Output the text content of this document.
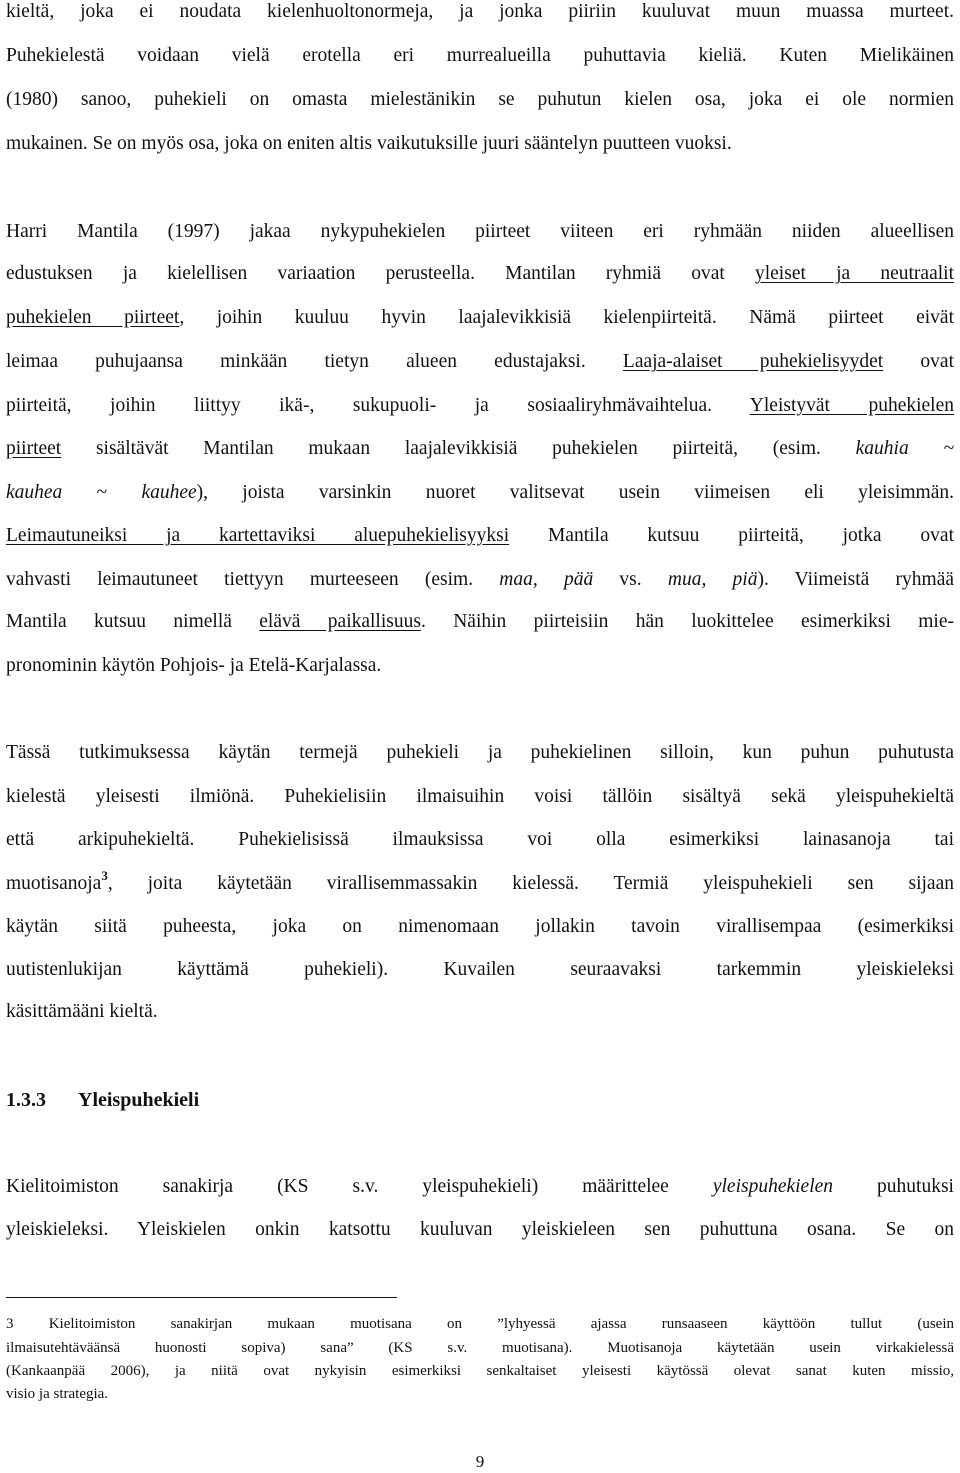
kieltä, joka ei noudata kielenhuoltonormeja, ja jonka piiriin kuuluvat muun muassa murteet.
Puhekielestä voidaan vielä erotella eri murrealueilla puhuttavia kieliä. Kuten Mielikäinen
(1980) sanoo, puhekieli on omasta mielestänikin se puhutun kielen osa, joka ei ole normien
mukainen. Se on myös osa, joka on eniten altis vaikutuksille juuri sääntelyn puutteen vuoksi.
Harri Mantila (1997) jakaa nykypuhekielen piirteet viiteen eri ryhmään niiden alueellisen
edustuksen ja kielellisen variaation perusteella. Mantilan ryhmiä ovat yleiset ja neutraalit
puhekielen piirteet, joihin kuuluu hyvin laajalevikkisiä kielenpiirteitä. Nämä piirteet eivät
leimaa puhujaansa minkään tietyn alueen edustajaksi. Laaja-alaiset puhekielisyydet ovat
piirteitä, joihin liittyy ikä-, sukupuoli- ja sosiaaliryhmävaihtelua. Yleistyvät puhekielen
piirteet sisältävät Mantilan mukaan laajalevikkisiä puhekielen piirteitä, (esim. kauhia ~
kauhea ~ kauhee), joista varsinkin nuoret valitsevat usein viimeisen eli yleisimmän.
Leimautuneiksi ja kartettaviksi aluepuhekielisyyksi Mantila kutsuu piirteitä, jotka ovat
vahvasti leimautuneet tiettyyn murteeseen (esim. maa, pää vs. mua, piä). Viimeistä ryhmää
Mantila kutsuu nimellä elävä paikallisuus. Näihin piirteisiin hän luokittelee esimerkiksi mie-
pronominin käytön Pohjois- ja Etelä-Karjalassa.
Tässä tutkimuksessa käytän termejä puhekieli ja puhekielinen silloin, kun puhun puhutusta
kielestä yleisesti ilmiönä. Puhekielisiin ilmaisuihin voisi tällöin sisältyä sekä yleispuhekieltä
että arkipuhekieltä. Puhekielisissä ilmauksissa voi olla esimerkiksi lainasanoja tai
muotisanoja$^3$, joita käytetään virallisemmassakin kielessä. Termiä yleispuhekieli sen sijaan
käytän siitä puheesta, joka on nimenomaan jollakin tavoin virallisempaa (esimerkiksi
uutistenlukijan käyttämä puhekieli). Kuvailen seuraavaksi tarkemmin yleiskieleksi
käsittämääni kieltä.
1.3.3 Yleispuhekieli
Kielitoimiston sanakirja (KS s.v. yleispuhekieli) määrittelee yleispuhekielen puhutuksi
yleiskieleksi. Yleiskielen onkin katsottu kuuluvan yleiskieleen sen puhuttuna osana. Se on
3 Kielitoimiston sanakirjan mukaan muotisana on ”lyhyessä ajassa runsaaseen käyttöön tullut (usein
ilmaisutehtäväänsä huonosti sopiva) sana” (KS s.v. muotisana). Muotisanoja käytetään usein virkakielessä
(Kankaanpää 2006), ja niitä ovat nykyisin esimerkiksi senkaltaiset yleisesti käytössä olevat sanat kuten missio,
visio ja strategia.
9
